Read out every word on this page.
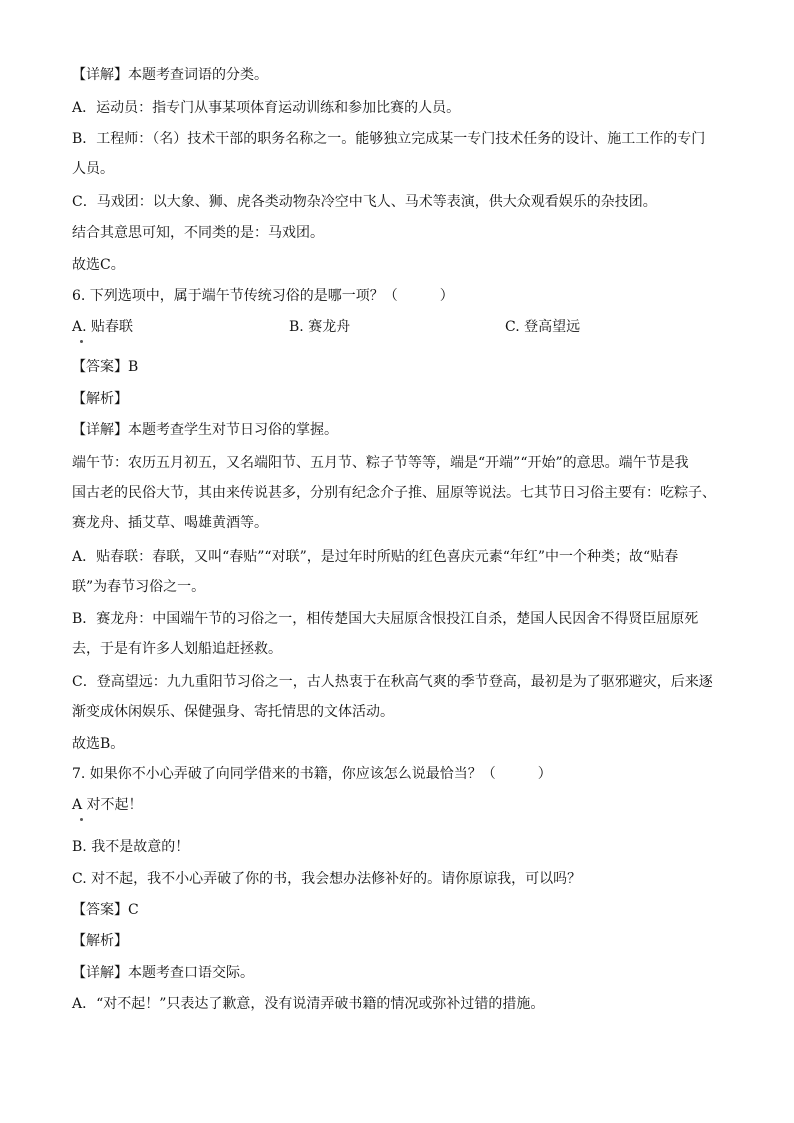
【详解】本题考查词语的分类。
A．运动员：指专门从事某项体育运动训练和参加比赛的人员。
B．工程师：（名）技术干部的职务名称之一。能够独立完成某一专门技术任务的设计、施工工作的专门
人员。
C．马戏团：以大象、狮、虎各类动物杂冷空中飞人、马术等表演，供大众观看娱乐的杂技团。
结合其意思可知，不同类的是：马戏团。
故选C。
6. 下列选项中，属于端午节传统习俗的是哪一项？（　　　）
A. 贴春联	B. 赛龙舟	C. 登高望远
【答案】B
【解析】
【详解】本题考查学生对节日习俗的掌握。
端午节：农历五月初五，又名端阳节、五月节、粽子节等等，端是“开端”“开始”的意思。端午节是我
国古老的民俗大节，其由来传说甚多，分别有纪念介子推、屈原等说法。七其节日习俗主要有：吃粽子、
赛龙舟、插艾草、喝雄黄酒等。
A．贴春联：春联，又叫“春贴”“对联”，是过年时所贴的红色喜庆元素“年红”中一个种类；故“贴春
联”为春节习俗之一。
B．赛龙舟：中国端午节的习俗之一，相传楚国大夫屈原含恨投江自杀，楚国人民因舍不得贤臣屈原死
去，于是有许多人划船追赶拯救。
C．登高望远：九九重阳节习俗之一，古人热衷于在秋高气爽的季节登高，最初是为了驱邪避灾，后来逐
渐变成休闲娱乐、保健强身、寄托情思的文体活动。
故选B。
7. 如果你不小心弄破了向同学借来的书籍，你应该怎么说最恰当？（　　　）
A 对不起！
B. 我不是故意的！
C. 对不起，我不小心弄破了你的书，我会想办法修补好的。请你原谅我，可以吗？
【答案】C
【解析】
【详解】本题考查口语交际。
A．“对不起！”只表达了歉意，没有说清弄破书籍的情况或弥补过错的措施。
